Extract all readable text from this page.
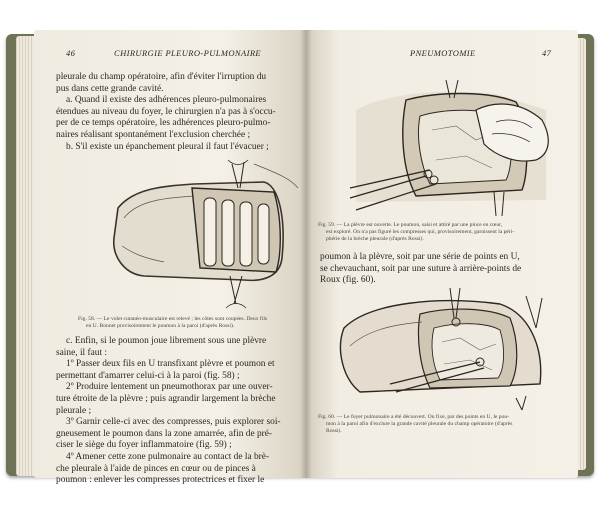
46	CHIRURGIE PLEURO-PULMONAIRE
pleurale du champ opératoire, afin d'éviter l'irruption du
pus dans cette grande cavité.
a. Quand il existe des adhérences pleuro-pulmonaires
étendues au niveau du foyer, le chirurgien n'a pas à s'occu-
per de ce temps opératoire, les adhérences pleuro-pulmo-
naires réalisant spontanément l'exclusion cherchée ;
b. S'il existe un épanchement pleural il faut l'évacuer ;
Fig. 58. — Le volet cutanéo-musculaire est relevé ; les côtes sont coupées. Deux fils
en U. Bonnet provisoirement le poumon à la paroi (d'après Rossi).
c. Enfin, si le poumon joue librement sous une plèvre
saine, il faut :
1º Passer deux fils en U transfixant plèvre et poumon et
permettant d'amarrer celui-ci à la paroi (fig. 58) ;
2º Produire lentement un pneumothorax par une ouver-
ture étroite de la plèvre ; puis agrandir largement la brèche
pleurale ;
3º Garnir celle-ci avec des compresses, puis explorer soi-
gneusement le poumon dans la zone amarrée, afin de pré-
ciser le siège du foyer inflammatoire (fig. 59) ;
4º Amener cette zone pulmonaire au contact de la brè-
che pleurale à l'aide de pinces en cœur ou de pinces à
poumon : enlever les compresses protectrices et fixer le
PNEUMOTOMIE	47
Fig. 59. — La plèvre est ouverte. Le poumon, saisi et attiré par une pince en cœur,
est exploré. On n'a pas figuré les compresses qui, provisoirement, garnissent la péri-
phérie de la brèche pleurale (d'après Rossi).
poumon à la plèvre, soit par une série de points en U,
se chevauchant, soit par une suture à arrière-points de
Roux (fig. 60).
Fig. 60. — Le foyer pulmonaire a été découvert. On fixe, par des points en U, le pou-
mon à la paroi afin d'exclure la grande cavité pleurale du champ opératoire (d'après
Rossi).
